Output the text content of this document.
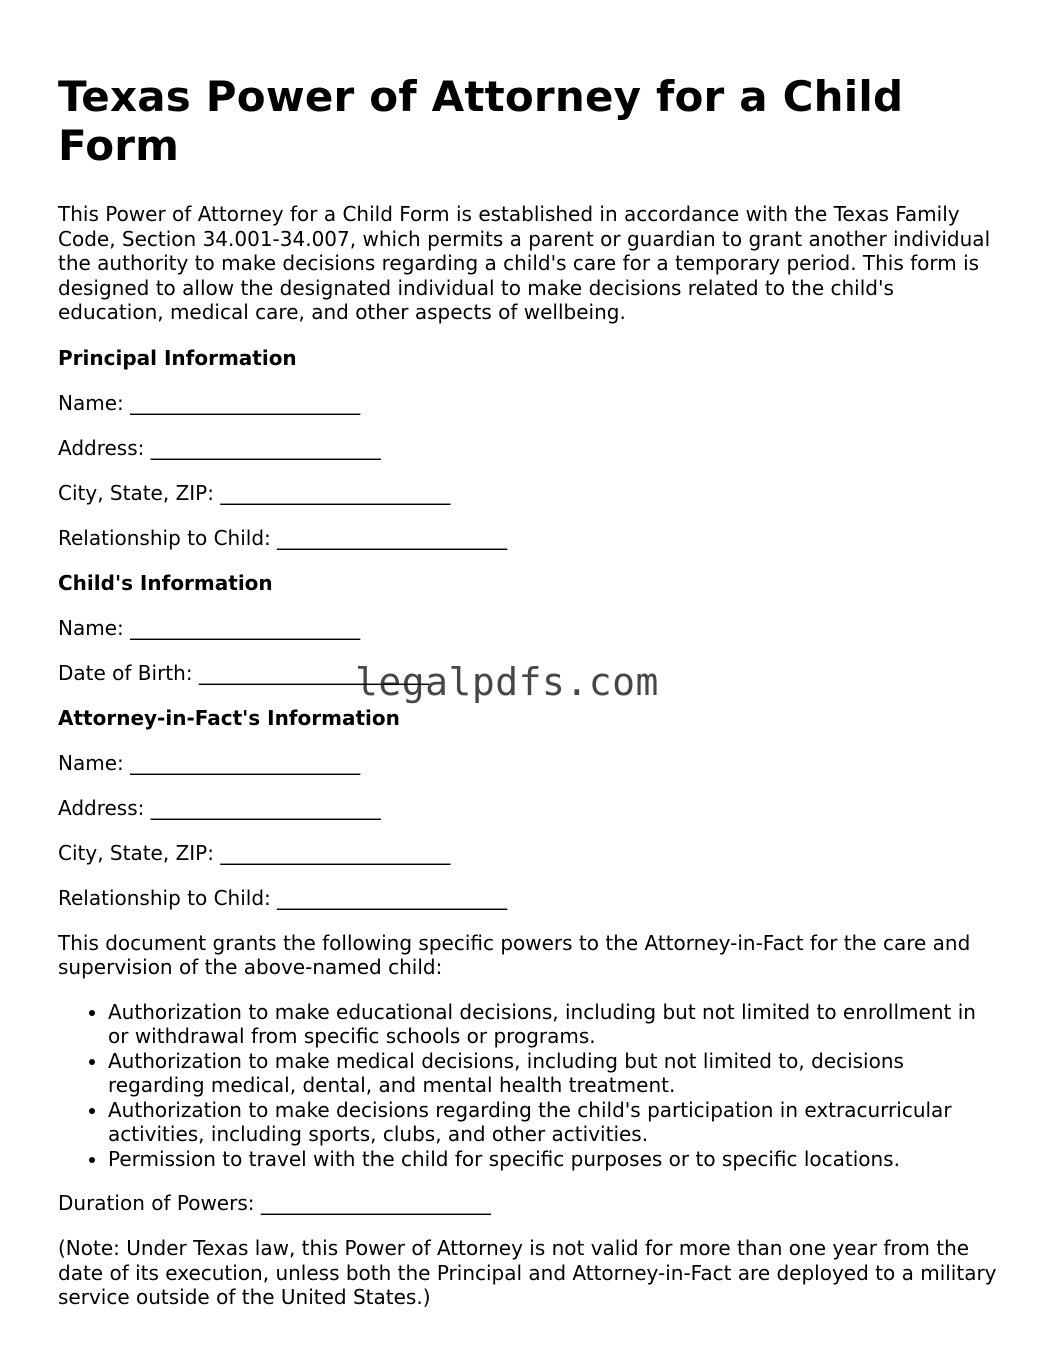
Texas Power of Attorney for a Child Form

This Power of Attorney for a Child Form is established in accordance with the Texas Family Code, Section 34.001-34.007, which permits a parent or guardian to grant another individual the authority to make decisions regarding a child's care for a temporary period. This form is designed to allow the designated individual to make decisions related to the child's education, medical care, and other aspects of wellbeing.

Principal Information
Name: _______________________
Address: _______________________
City, State, ZIP: _______________________
Relationship to Child: _______________________
Child's Information
Name: _______________________
Date of Birth: _______________________
Attorney-in-Fact's Information
Name: _______________________
Address: _______________________
City, State, ZIP: _______________________
Relationship to Child: _______________________

This document grants the following specific powers to the Attorney-in-Fact for the care and supervision of the above-named child:

• Authorization to make educational decisions, including but not limited to enrollment in or withdrawal from specific schools or programs.
• Authorization to make medical decisions, including but not limited to, decisions regarding medical, dental, and mental health treatment.
• Authorization to make decisions regarding the child's participation in extracurricular activities, including sports, clubs, and other activities.
• Permission to travel with the child for specific purposes or to specific locations.
Duration of Powers: _______________________

(Note: Under Texas law, this Power of Attorney is not valid for more than one year from the date of its execution, unless both the Principal and Attorney-in-Fact are deployed to a military service outside of the United States.)

legalpdfs.com
